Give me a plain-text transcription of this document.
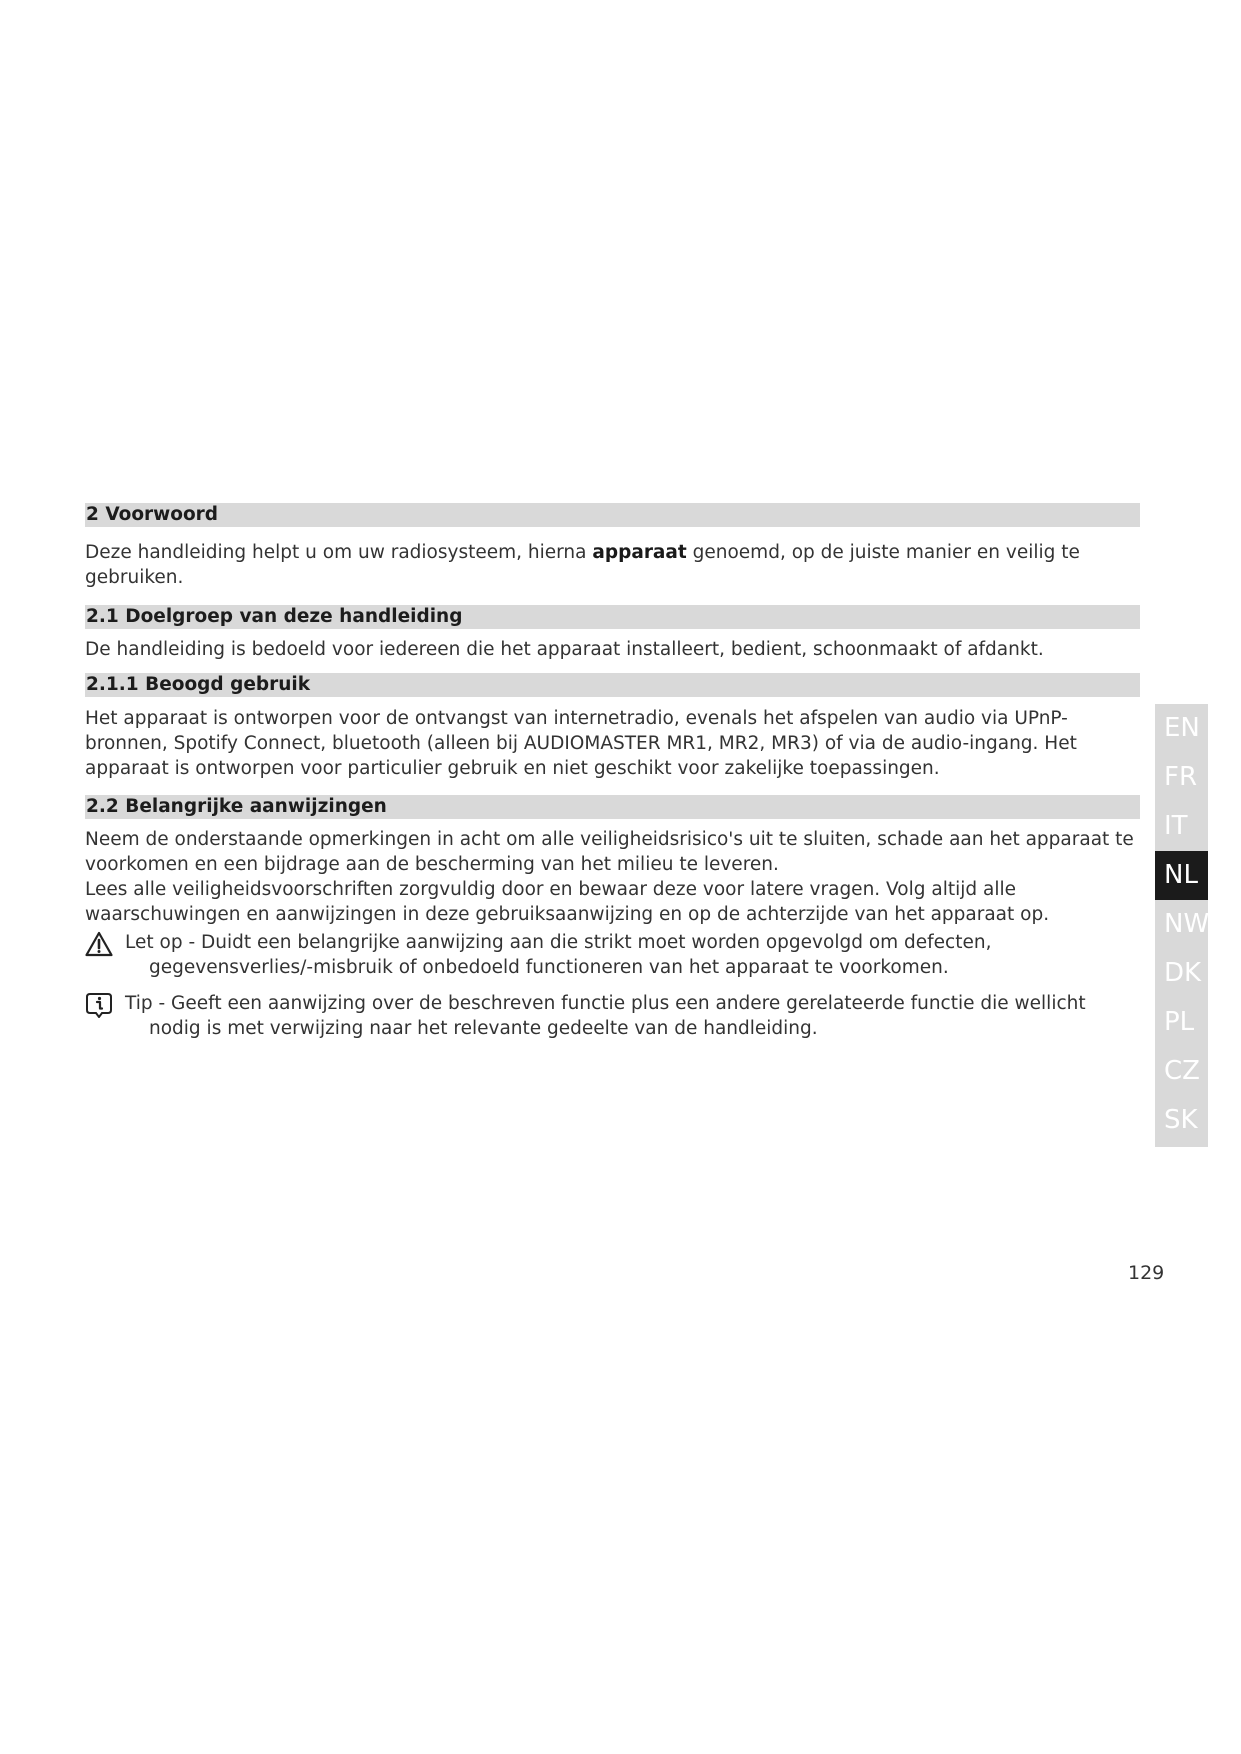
2 Voorwoord

Deze handleiding helpt u om uw radiosysteem, hierna apparaat genoemd, op de juiste manier en veilig te gebruiken.

2.1 Doelgroep van deze handleiding

De handleiding is bedoeld voor iedereen die het apparaat installeert, bedient, schoonmaakt of afdankt.

2.1.1 Beoogd gebruik

Het apparaat is ontworpen voor de ontvangst van internetradio, evenals het afspelen van audio via UPnP-bronnen, Spotify Connect, bluetooth (alleen bij AUDIOMASTER MR1, MR2, MR3) of via de audio-ingang. Het apparaat is ontworpen voor particulier gebruik en niet geschikt voor zakelijke toepassingen.

2.2 Belangrijke aanwijzingen

Neem de onderstaande opmerkingen in acht om alle veiligheidsrisico's uit te sluiten, schade aan het apparaat te voorkomen en een bijdrage aan de bescherming van het milieu te leveren.

Lees alle veiligheidsvoorschriften zorgvuldig door en bewaar deze voor latere vragen. Volg altijd alle waarschuwingen en aanwijzingen in deze gebruiksaanwijzing en op de achterzijde van het apparaat op.

Let op - Duidt een belangrijke aanwijzing aan die strikt moet worden opgevolgd om defecten,
gegevensverlies/-misbruik of onbedoeld functioneren van het apparaat te voorkomen.
Tip - Geeft een aanwijzing over de beschreven functie plus een andere gerelateerde functie die wellicht
nodig is met verwijzing naar het relevante gedeelte van de handleiding.
EN
FR
IT
NL
NW
DK
PL
CZ
SK
129
